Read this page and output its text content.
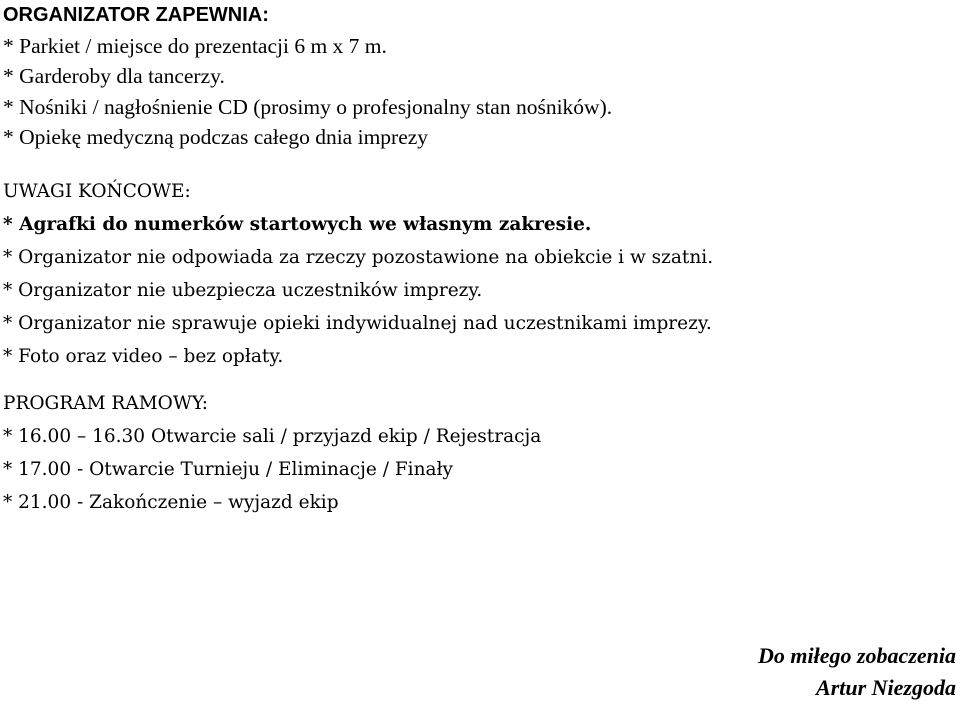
ORGANIZATOR ZAPEWNIA:
* Parkiet / miejsce do prezentacji 6 m x 7 m.
* Garderoby dla tancerzy.
* Nośniki / nagłośnienie CD (prosimy o profesjonalny stan nośników).
* Opiekę medyczną podczas całego dnia imprezy
UWAGI KOŃCOWE:
* Agrafki do numerków startowych we własnym zakresie.
* Organizator nie odpowiada za rzeczy pozostawione na obiekcie i w szatni.
* Organizator nie ubezpiecza uczestników imprezy.
* Organizator nie sprawuje opieki indywidualnej nad uczestnikami imprezy.
* Foto oraz video – bez opłaty.
PROGRAM RAMOWY:
* 16.00 – 16.30 Otwarcie sali / przyjazd ekip / Rejestracja
* 17.00 - Otwarcie Turnieju / Eliminacje / Finały
* 21.00 - Zakończenie – wyjazd ekip
Do miłego zobaczenia
Artur Niezgoda
